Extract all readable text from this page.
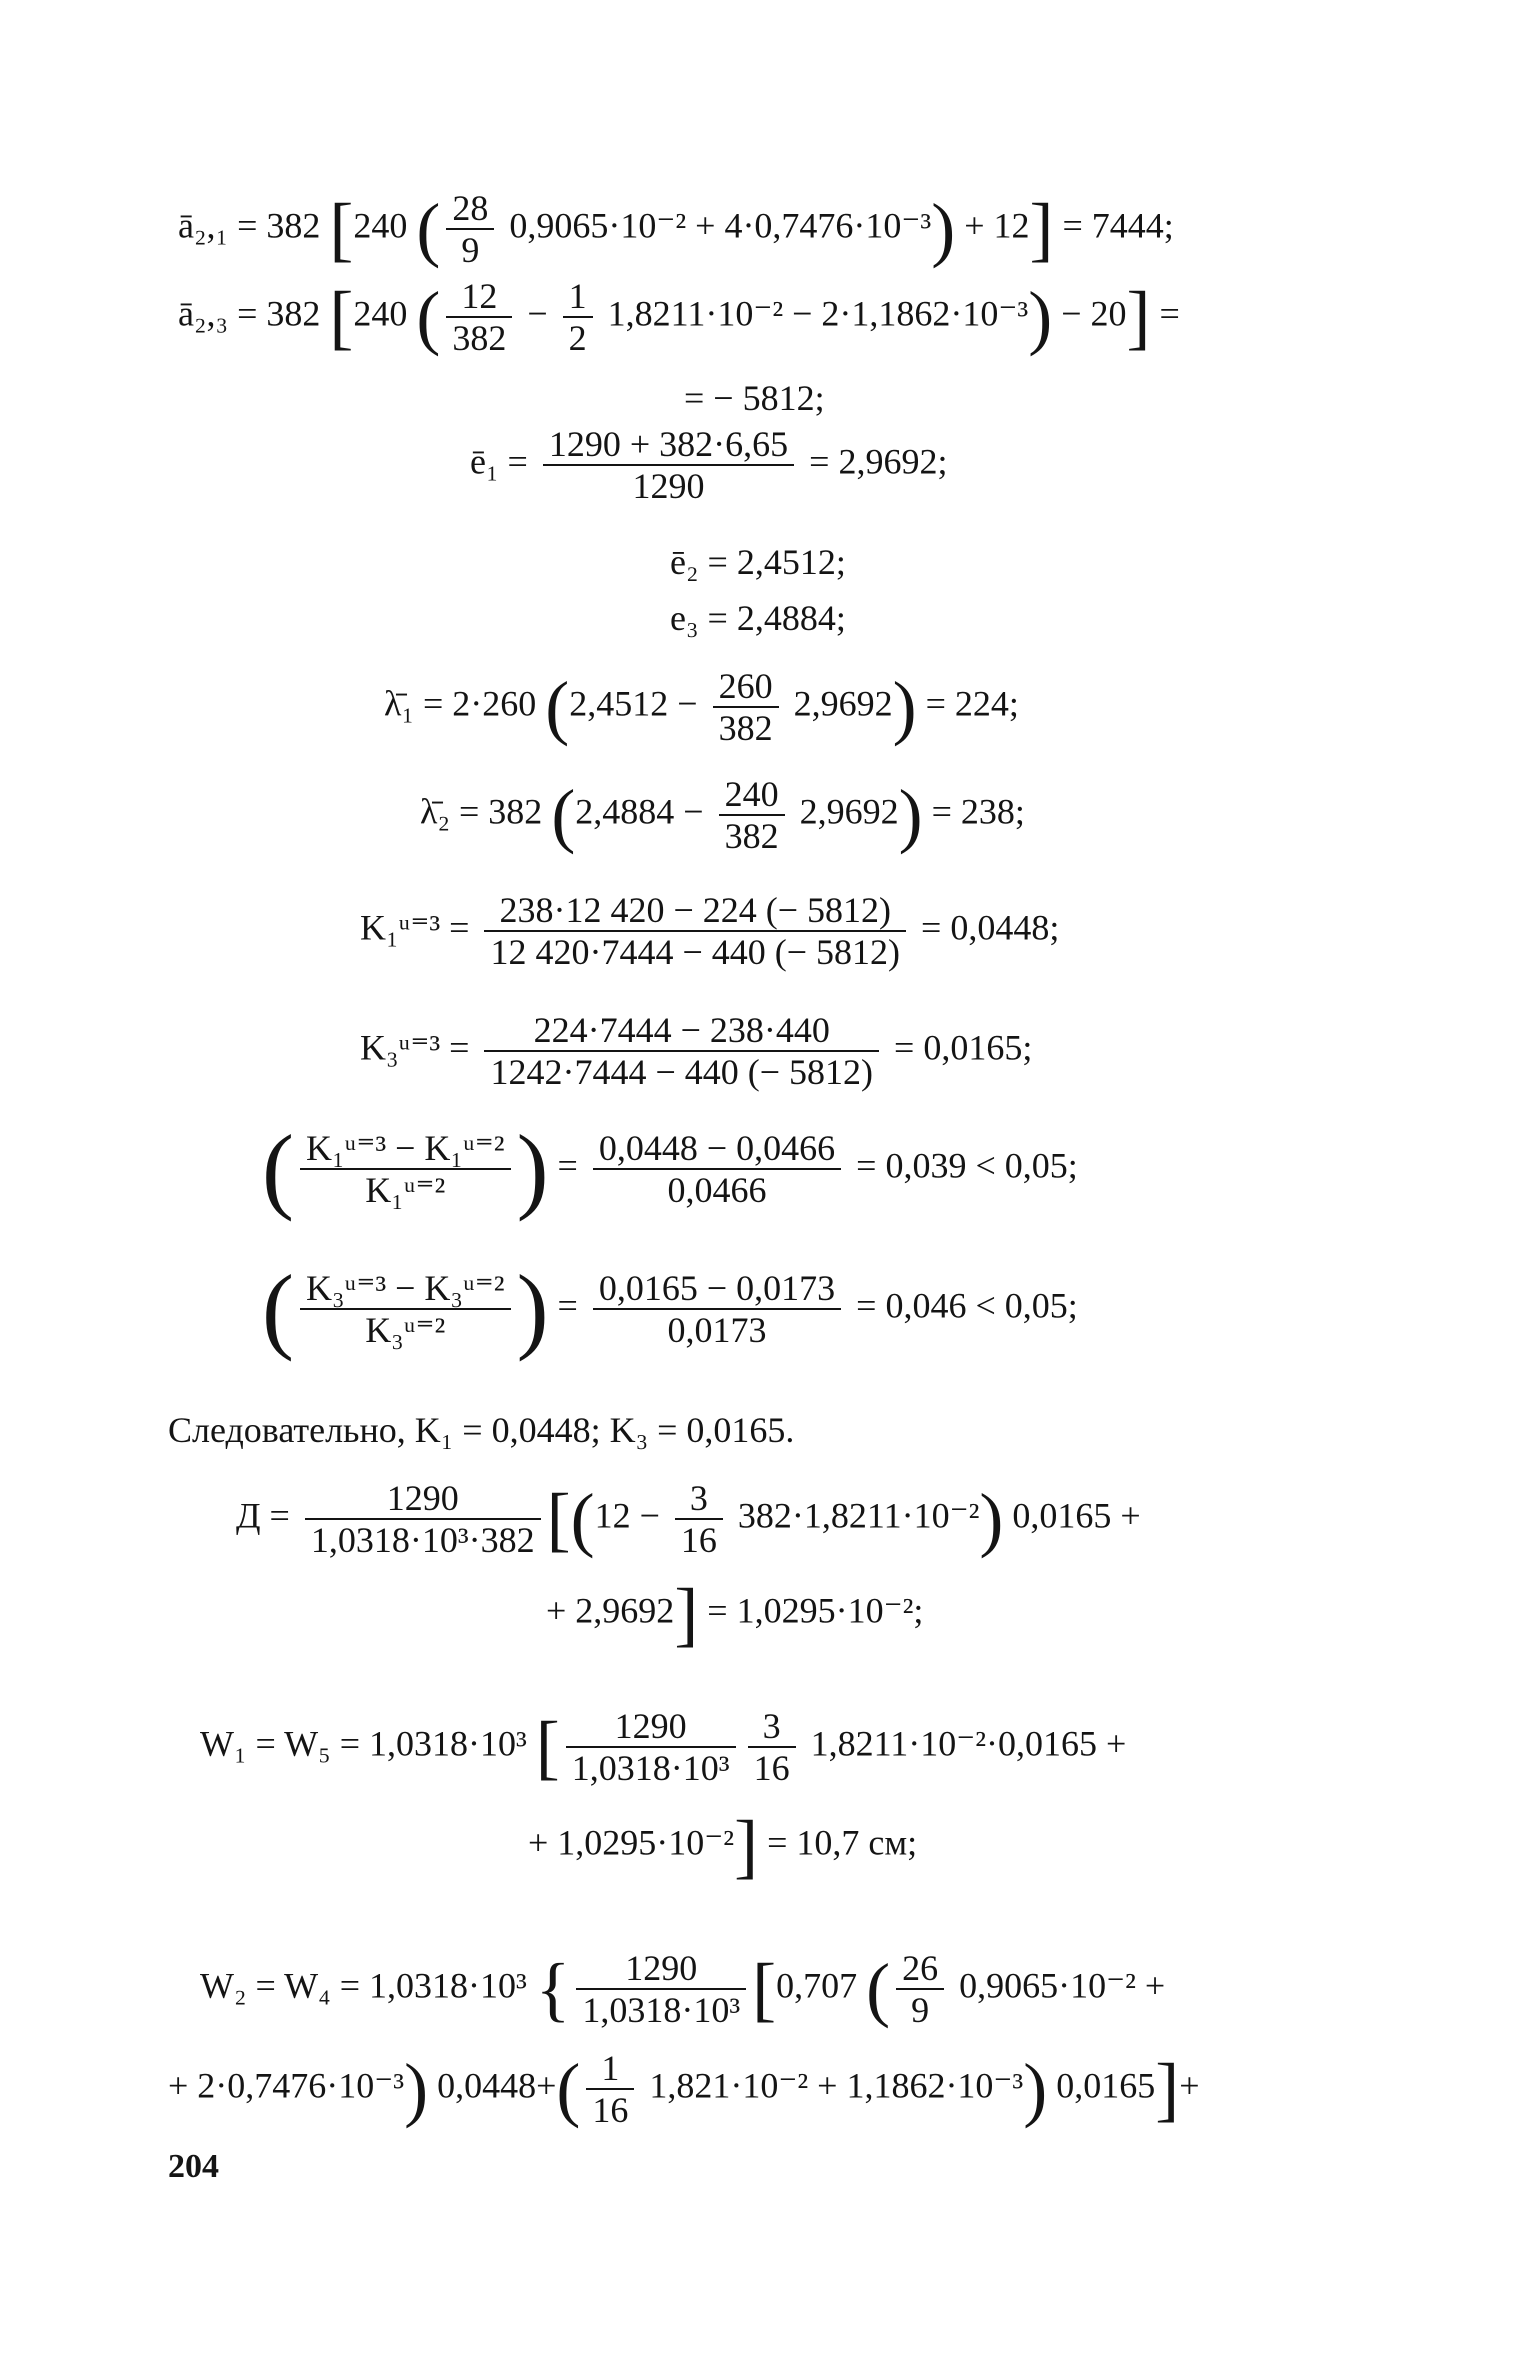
ā₂,₁ = 382 [240 ( $\frac{28}{9} 0,9065\cdot 10^{-2} + 4\cdot 0,7476\cdot 10^{-3}) + 12] = 7444$;
ā₂,₃ = 382 [240 ( $\frac{12}{382} - \frac{1}{2} 1,8211\cdot 10^{-2} - 2\cdot 1,1862\cdot 10^{-3}) - 20$] =
= − 5812;
ē₁ = $\frac{1290 + 382\cdot 6,65}{1290} = 2,9692$;
ē₂ = 2,4512;
e₃ = 2,4884;
λ̄₁ = 2·260 $(2,4512 - \frac{260}{382} 2,9692) = 224$;
λ̄₂ = 382 $(2,4884 - \frac{240}{382} 2,9692) = 238$;
K₁ᵘ⁼³ = $\frac{238\cdot 12 420 - 224 (- 5812)}{12 420\cdot 7444 - 440 (- 5812)} = 0,0448$;
K₃ᵘ⁼³ = $\frac{224\cdot 7444 - 238\cdot 440}{1242\cdot 7444 - 440 (- 5812)} = 0,0165$;
( $\frac{\text{K₁ᵘ⁼³ − K₁ᵘ⁼²}}{\text{K₁ᵘ⁼²}}$ ) = $\frac{0,0448 - 0,0466}{0,0466} = 0,039 < 0,05$;
( $\frac{\text{K₃ᵘ⁼³ − K₃ᵘ⁼²}}{\text{K₃ᵘ⁼²}}$ ) = $\frac{0,0165 - 0,0173}{0,0173} = 0,046 < 0,05$;
Следовательно, K₁ = 0,0448; K₃ = 0,0165.
$Д = \frac{1290}{\text{1,0318·10³·382}} [(12 - \frac{3}{16} 382\cdot 1,8211\cdot 10^{-2}) 0,0165$ +
+ 2,9692] = 1,0295·10⁻²;
W₁ = W₅ = 1,0318·10³ [ $\frac{1290}{\text{1,0318·10³}} \frac{3}{16} 1,8211\cdot 10^{-2}\cdot 0,0165$ +
+ 1,0295·10⁻²] = 10,7 см;
W₂ = W₄ = 1,0318·10³ { $\frac{1290}{\text{1,0318·10³}} [0,707$ ( $\frac{26}{9} 0,9065\cdot 10^{-2}$ +
+ 2·0,7476·10⁻³) $0,0448+( \frac{1}{16} 1,821\cdot 10^{-2} + 1,1862\cdot 10^{-3})$ 0,0165]+
204
